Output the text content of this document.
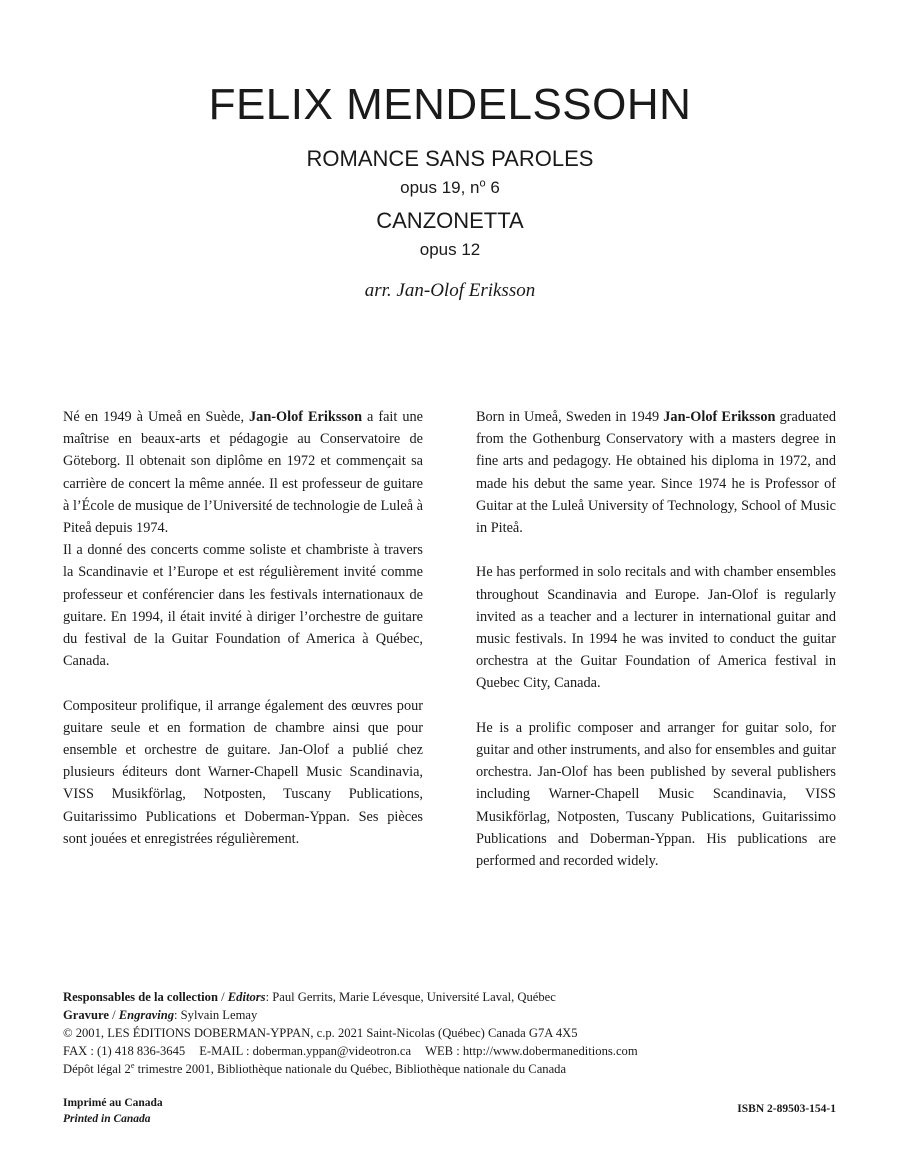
FELIX MENDELSSOHN
ROMANCE SANS PAROLES
opus 19, $n^o$ 6
CANZONETTA
opus 12
arr. Jan-Olof Eriksson

Né en 1949 à Umeå en Suède, Jan-Olof Eriksson a fait une maîtrise en beaux-arts et pédagogie au Conservatoire de Göteborg. Il obtenait son diplôme en 1972 et commençait sa carrière de concert la même année. Il est professeur de guitare à l’École de musique de l’Université de technologie de Luleå à Piteå depuis 1974.

Il a donné des concerts comme soliste et chambriste à travers la Scandinavie et l’Europe et est régulièrement invité comme professeur et conférencier dans les festivals internationaux de guitare. En 1994, il était invité à diriger l’orchestre de guitare du festival de la Guitar Foundation of America à Québec, Canada.

Compositeur prolifique, il arrange également des œuvres pour guitare seule et en formation de chambre ainsi que pour ensemble et orchestre de guitare. Jan-Olof a publié chez plusieurs éditeurs dont Warner-Chapell Music Scandinavia, VISS Musikförlag, Notposten, Tuscany Publications, Guitarissimo Publications et Doberman-Yppan. Ses pièces sont jouées et enregistrées régulièrement.

Born in Umeå, Sweden in 1949 Jan-Olof Eriksson graduated from the Gothenburg Conservatory with a masters degree in fine arts and pedagogy. He obtained his diploma in 1972, and made his debut the same year. Since 1974 he is Professor of Guitar at the Luleå University of Technology, School of Music in Piteå.

He has performed in solo recitals and with chamber ensembles throughout Scandinavia and Europe. Jan-Olof is regularly invited as a teacher and a lecturer in international guitar and music festivals. In 1994 he was invited to conduct the guitar orchestra at the Guitar Foundation of America festival in Quebec City, Canada.

He is a prolific composer and arranger for guitar solo, for guitar and other instruments, and also for ensembles and guitar orchestra. Jan-Olof has been published by several publishers including Warner-Chapell Music Scandinavia, VISS Musikförlag, Notposten, Tuscany Publications, Guitarissimo Publications and Doberman-Yppan. His publications are performed and recorded widely.

Responsables de la collection / Editors: Paul Gerrits, Marie Lévesque, Université Laval, Québec
Gravure / Engraving: Sylvain Lemay
© 2001, LES ÉDITIONS DOBERMAN-YPPAN, c.p. 2021 Saint-Nicolas (Québec) Canada G7A 4X5
FAX : (1) 418 836-3645 E-MAIL : doberman.yppan@videotron.ca WEB : http://www.dobermaneditions.com
Dépôt légal 2e trimestre 2001, Bibliothèque nationale du Québec, Bibliothèque nationale du Canada
Imprimé au Canada
Printed in Canada
ISBN 2-89503-154-1
